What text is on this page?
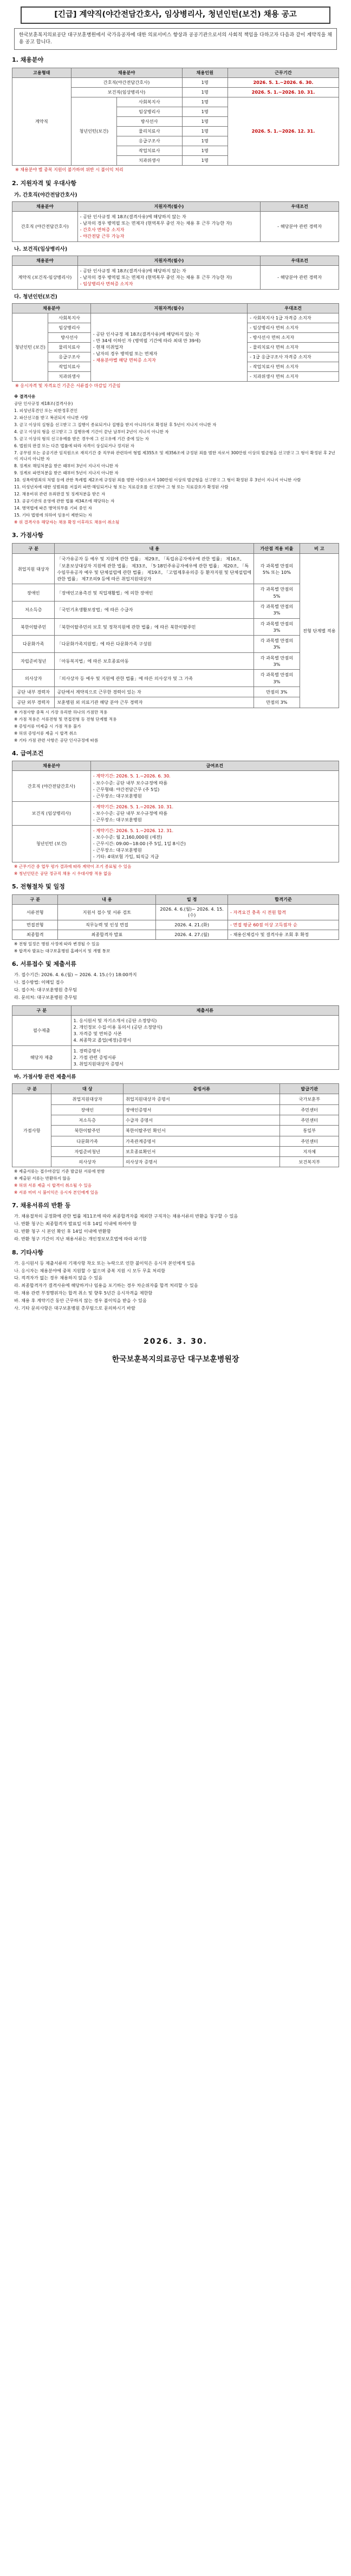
[긴급] 계약직(야간전담간호사, 임상병리사, 청년인턴(보건) 채용 공고
한국보훈복지의료공단 대구보훈병원에서 국가유공자에 대한 의료서비스 향상과 공공기관으로서의 사회적 책임을 다하고자 다음과 같이 계약직을 채용 공고 합니다.
1. 채용분야
고용형태	채용분야		채용인원	근무기간
계약직	간호직(야간전담간호사)		1명	2026. 5. 1.~2026. 6. 30.
	보건직(임상병리사)		1명	2026. 5. 1.~2026. 10. 31.
	청년인턴(보건)	사회복지사	1명	2026. 5. 1.~2026. 12. 31.
		임상병리사	1명	
		방사선사	1명	
		물리치료사	1명	
		응급구조사	1명	
		작업치료사	1명	
		치과위생사	1명	
※ 채용분야 별 중복 지원이 불가하며 위반 시 불이익 처리
2. 지원자격 및 우대사항
가. 간호직(야간전담간호사)
채용분야	지원자격(필수)	우대조건
간호직 (야간전담간호사)	- 공단 인사규정 제 18조(결격사유)에 해당하지 않는 자
- 남자의 경우 병역필 또는 면제자 (현역복무 중인 자는 채용 후 근무 가능한 자)
- 간호사 면허증 소지자
- 야간전담 근무 가능자	- 해당분야 관련 경력자
나. 보건직(임상병리사)
채용분야	지원자격(필수)	우대조건
계약직 (보건직-임상병리사)	- 공단 인사규정 제 18조(결격사유)에 해당하지 않는 자
- 남자의 경우 병역필 또는 면제자 (현역복무 중인 자는 채용 후 근무 가능한 자)
- 임상병리사 면허증 소지자	- 해당분야 관련 경력자
다. 청년인턴(보건)
채용분야		지원자격(필수)	우대조건
청년인턴 (보건)	사회복지사	- 공단 인사규정 제 18조(결격사유)에 해당하지 않는 자
- 만 34세 이하인 자 (병역필 기간에 따라 최대 만 39세)
- 현재 미취업자
- 남자의 경우 병역필 또는 면제자
- 채용분야별 해당 면허증 소지자	- 사회복지사 1급 자격증 소지자
	임상병리사		- 임상병리사 면허 소지자
	방사선사		- 방사선사 면허 소지자
	물리치료사		- 물리치료사 면허 소지자
	응급구조사		- 1급 응급구조사 자격증 소지자
	작업치료사		- 작업치료사 면허 소지자
	치과위생사		- 치과위생사 면허 소지자
※ 응시자격 및 자격요건 기준은 서류접수 마감일 기준임
※ 결격사유
공단 인사규정 제18조(결격사유)
1. 피성년후견인 또는 피한정후견인
2. 파산선고를 받고 복권되지 아니한 사람
3. 금고 이상의 실형을 선고받고 그 집행이 종료되거나 집행을 받지 아니하기로 확정된 후 5년이 지나지 아니한 자
4. 금고 이상의 형을 선고받고 그 집행유예 기간이 끝난 날부터 2년이 지나지 아니한 자
5. 금고 이상의 형의 선고유예를 받은 경우에 그 선고유예 기간 중에 있는 자
6. 법원의 판결 또는 다른 법률에 따라 자격이 상실되거나 정지된 자
7. 공무원 또는 공공기관 임직원으로 재직기간 중 직무와 관련하여 형법 제355조 및 제356조에 규정된 죄를 범한 자로서 300만원 이상의 벌금형을 선고받고 그 형이 확정된 후 2년이 지나지 아니한 자
8. 징계로 해임처분을 받은 때부터 3년이 지나지 아니한 자
9. 징계로 파면처분을 받은 때부터 5년이 지나지 아니한 자
10. 성폭력범죄의 처벌 등에 관한 특례법 제2조에 규정된 죄를 범한 사람으로서 100만원 이상의 벌금형을 선고받고 그 형이 확정된 후 3년이 지나지 아니한 사람
11. 미성년자에 대한 성범죄를 저질러 파면·해임되거나 형 또는 치료감호를 선고받아 그 형 또는 치료감호가 확정된 사람
12. 채용비위 관련 유죄판결 및 징계처분을 받은 자
13. 공공기관의 운영에 관한 법률 제34조에 해당하는 자
14. 병역법에 따른 병역의무를 기피 중인 자
15. 기타 법령에 의하여 임용이 제한되는 자
※ 위 결격사유 해당자는 채용 확정 이후라도 채용이 취소됨
3. 가점사항
구 분	내 용	가산점 적용 비율	비 고
취업지원 대상자	「국가유공자 등 예우 및 지원에 관한 법률」 제29조, 「독립유공자예우에 관한 법률」 제16조, 「보훈보상대상자 지원에 관한 법률」 제33조, 「5·18민주유공자예우에 관한 법률」 제20조, 「특수임무유공자 예우 및 단체설립에 관한 법률」 제19조, 「고엽제후유의증 등 환자지원 및 단체설립에 관한 법률」 제7조의9 등에 따른 취업지원대상자	각 과목별 만점의 5% 또는 10%	전형 단계별 적용
장애인	「장애인고용촉진 및 직업재활법」에 의한 장애인	각 과목별 만점의 5%	
저소득층	「국민기초생활보장법」에 따른 수급자	각 과목별 만점의 3%	
북한이탈주민	「북한이탈주민의 보호 및 정착지원에 관한 법률」에 따른 북한이탈주민	각 과목별 만점의 3%	
다문화가족	「다문화가족지원법」에 따른 다문화가족 구성원	각 과목별 만점의 3%	
자립준비청년	「아동복지법」에 따른 보호종료아동	각 과목별 만점의 3%	
의사상자	「의사상자 등 예우 및 지원에 관한 법률」에 따른 의사상자 및 그 가족	각 과목별 만점의 3%	
공단 내부 경력자	공단에서 계약직으로 근무한 경력이 있는 자	만점의 3%	
공단 외부 경력자	보훈병원 외 의료기관 해당 분야 근무 경력자	만점의 3%	
※ 가점사항 중복 시 가장 유리한 하나의 가점만 적용
※ 가점 적용은 서류전형 및 면접전형 등 전형 단계별 적용
※ 증빙서류 미제출 시 가점 적용 불가
※ 허위 증빙서류 제출 시 합격 취소
※ 기타 가점 관련 사항은 공단 인사규정에 따름
4. 급여조건
채용분야	급여조건
간호직 (야간전담간호사)	- 계약기간: 2026. 5. 1.~2026. 6. 30.
- 보수수준: 공단 내부 보수규정에 따름
- 근무형태: 야간전담근무 (주 5일)
- 근무장소: 대구보훈병원

보건직 (임상병리사)	- 계약기간: 2026. 5. 1.~2026. 10. 31.
- 보수수준: 공단 내부 보수규정에 따름
- 근무장소: 대구보훈병원

청년인턴 (보건)	- 계약기간: 2026. 5. 1.~2026. 12. 31.
- 보수수준: 월 2,160,000원 (세전)
- 근무시간: 09:00~18:00 (주 5일, 1일 8시간)
- 근무장소: 대구보훈병원
- 기타: 4대보험 가입, 퇴직금 지급
※ 근무기간 중 업무 평가 결과에 따라 계약이 조기 종료될 수 있음
※ 청년인턴은 공단 정규직 채용 시 우대사항 적용 없음
5. 전형절차 및 일정
구 분	내 용	일 정	합격기준
서류전형	지원서 접수 및 서류 검토	2026. 4. 6.(월)~ 2026. 4. 15.(수)	- 자격요건 충족 시 전원 합격
면접전형	직무능력 및 인성 면접	2026. 4. 21.(화)	- 면접 평균 60점 이상 고득점자 순
최종합격	최종합격자 발표	2026. 4. 27.(월)	- 채용신체검사 및 결격사유 조회 후 확정
※ 전형 일정은 병원 사정에 따라 변경될 수 있음
※ 합격자 발표는 대구보훈병원 홈페이지 및 개별 통보
6. 서류접수 및 제출서류
가. 접수기간: 2026. 4. 6.(월) ~ 2026. 4. 15.(수) 18:00까지
나. 접수방법: 이메일 접수
다. 접수처: 대구보훈병원 총무팀
라. 문의처: 대구보훈병원 총무팀
구 분	제출서류
필수제출	1. 응시원서 및 자기소개서 (공단 소정양식)
2. 개인정보 수집·이용 동의서 (공단 소정양식)
3. 자격증 및 면허증 사본
4. 최종학교 졸업(예정)증명서

해당자 제출	1. 경력증명서
2. 가점 관련 증빙서류
3. 취업지원대상자 증명서
바. 가점사항 관련 제출서류
구 분	대 상	증빙서류	발급기관
가점사항	취업지원대상자	취업지원대상자 증명서	국가보훈부
	장애인	장애인증명서	주민센터
	저소득층	수급자 증명서	주민센터
	북한이탈주민	북한이탈주민 확인서	통일부
	다문화가족	가족관계증명서	주민센터
	자립준비청년	보호종료확인서	지자체
	의사상자	의사상자 증명서	보건복지부
※ 제출서류는 접수마감일 기준 발급된 서류에 한함
※ 제출된 서류는 반환하지 않음
※ 허위 서류 제출 시 합격이 취소될 수 있음
※ 서류 미비 시 불이익은 응시자 본인에게 있음
7. 채용서류의 반환 등
가. 채용절차의 공정화에 관한 법률 제11조에 따라 최종합격자를 제외한 구직자는 채용서류의 반환을 청구할 수 있음
나. 반환 청구는 최종합격자 발표일 이후 14일 이내에 하여야 함
다. 반환 청구 시 본인 확인 후 14일 이내에 반환함
라. 반환 청구 기간이 지난 채용서류는 개인정보보호법에 따라 파기함
8. 기타사항
가. 응시원서 등 제출서류의 기재사항 착오 또는 누락으로 인한 불이익은 응시자 본인에게 있음
나. 응시자는 채용분야에 중복 지원할 수 없으며 중복 지원 시 모두 무효 처리함
다. 적격자가 없는 경우 채용하지 않을 수 있음
라. 최종합격자가 결격사유에 해당하거나 임용을 포기하는 경우 차순위자를 합격 처리할 수 있음
마. 채용 관련 부정행위자는 합격 취소 및 향후 5년간 응시자격을 제한함
바. 채용 후 계약기간 동안 근무하지 않는 경우 불이익을 받을 수 있음
사. 기타 문의사항은 대구보훈병원 총무팀으로 문의하시기 바람
2026. 3. 30.
한국보훈복지의료공단 대구보훈병원장
